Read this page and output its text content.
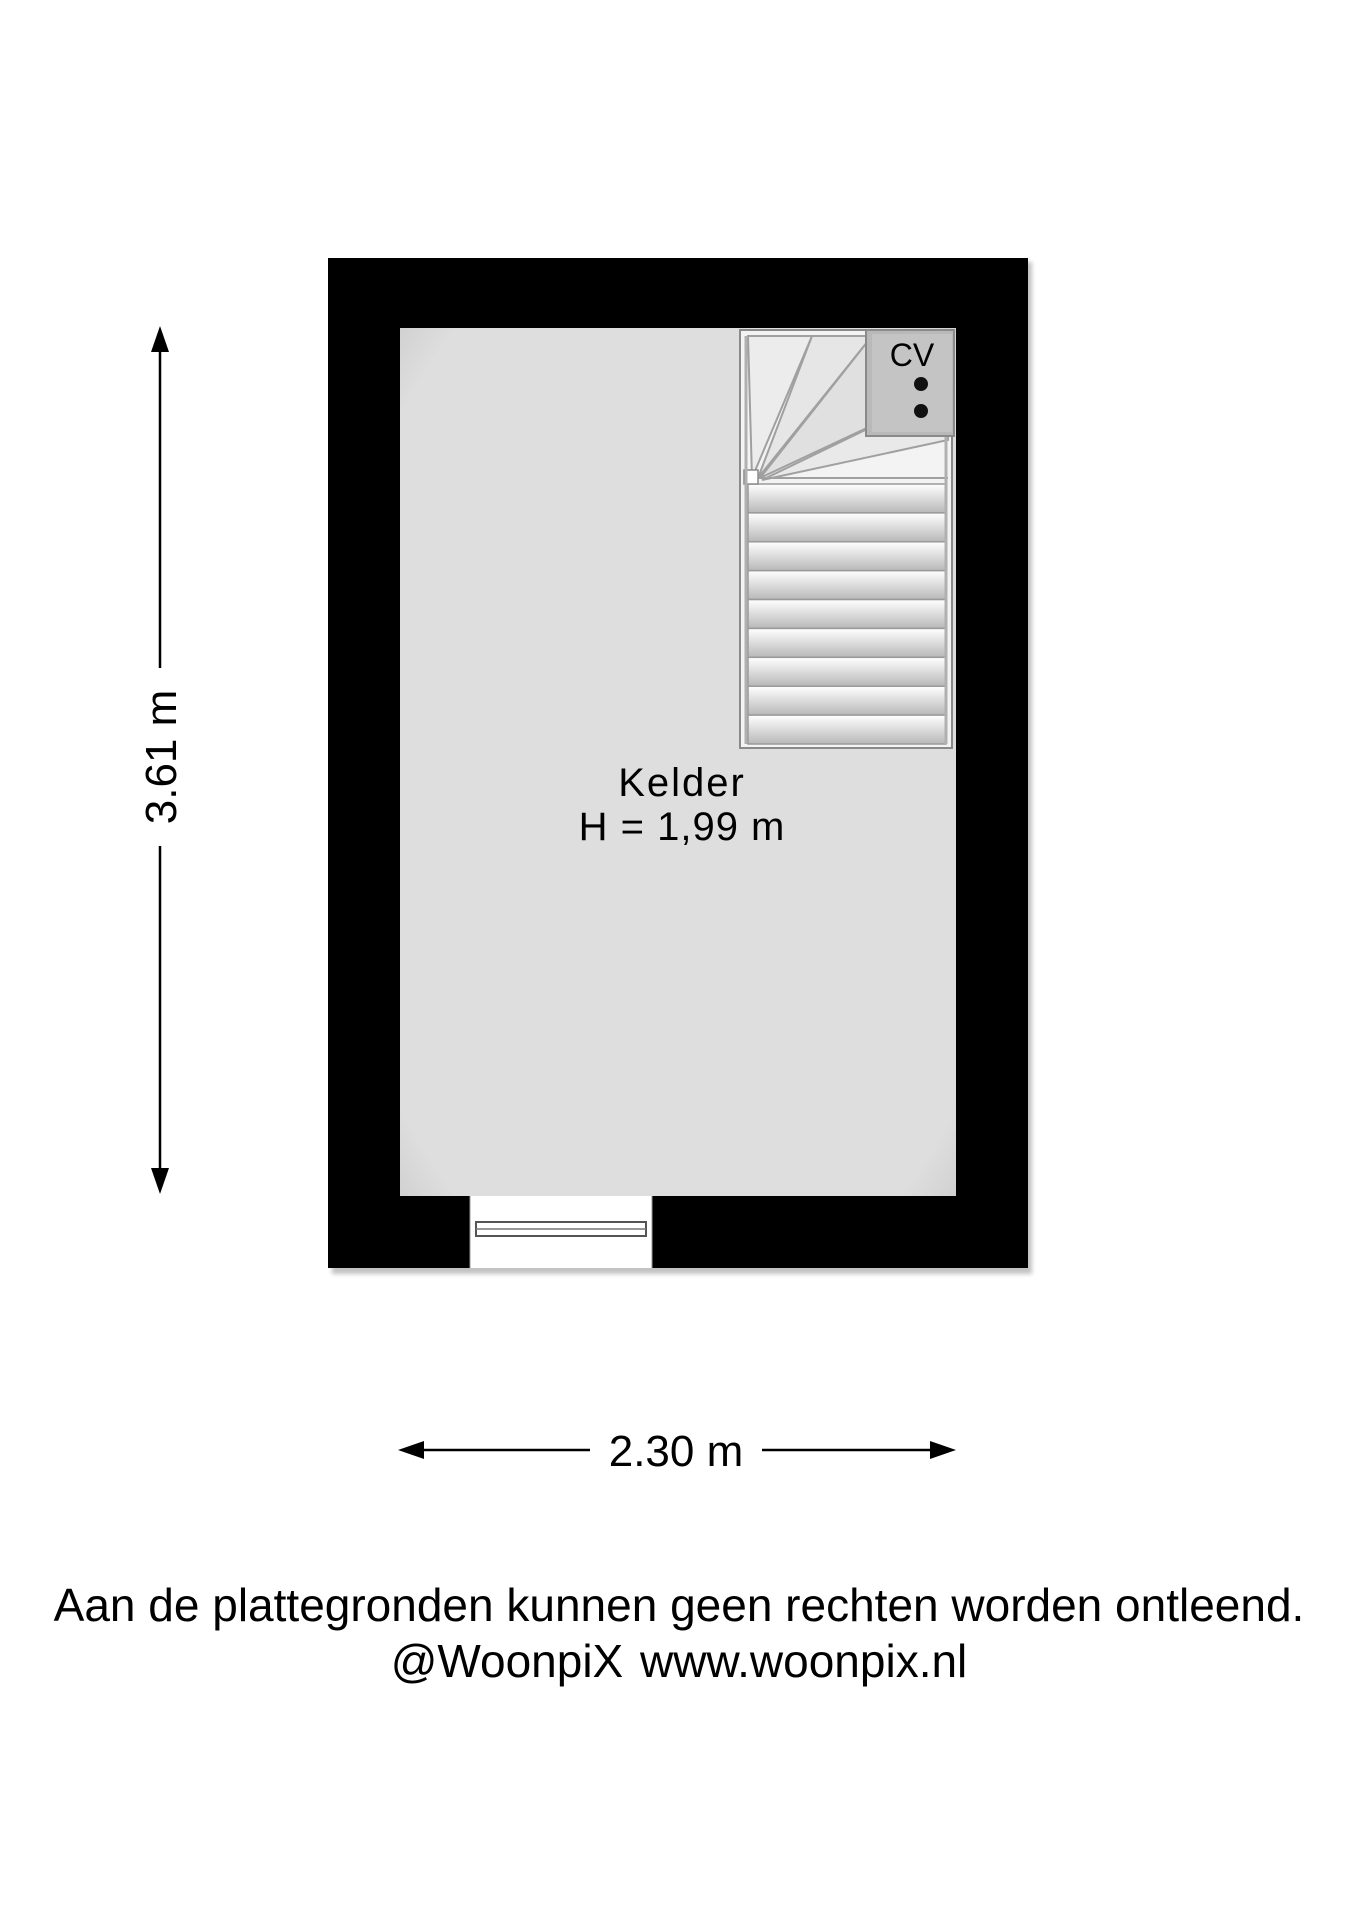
CV
Kelder
H = 1,99 m
3.61 m
2.30 m

Aan de plattegronden kunnen geen rechten worden ontleend.

@WoonpiX www.woonpix.nl
